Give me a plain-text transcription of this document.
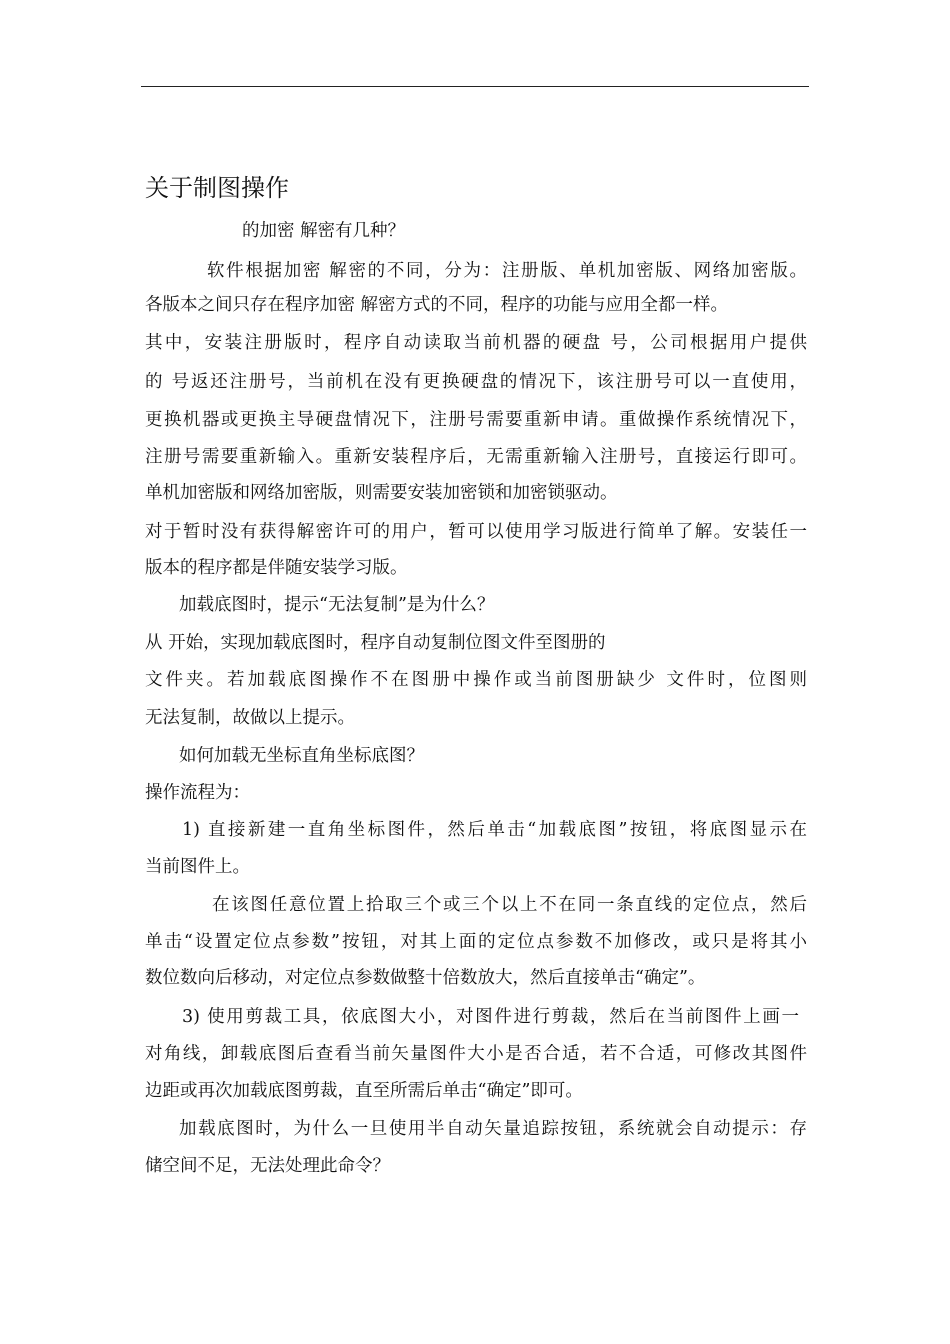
关于制图操作
的加密 解密有几种？
软件根据加密 解密的不同，分为：注册版、单机加密版、网络加密版。
各版本之间只存在程序加密 解密方式的不同，程序的功能与应用全都一样。
其中，安装注册版时，程序自动读取当前机器的硬盘 号，公司根据用户提供
的 号返还注册号，当前机在没有更换硬盘的情况下，该注册号可以一直使用，
更换机器或更换主导硬盘情况下，注册号需要重新申请。重做操作系统情况下，
注册号需要重新输入。重新安装程序后，无需重新输入注册号，直接运行即可。
单机加密版和网络加密版，则需要安装加密锁和加密锁驱动。
对于暂时没有获得解密许可的用户，暂可以使用学习版进行简单了解。安装任一
版本的程序都是伴随安装学习版。
加载底图时，提示“无法复制”是为什么？
从 开始，实现加载底图时，程序自动复制位图文件至图册的
文件夹。若加载底图操作不在图册中操作或当前图册缺少 文件时，位图则
无法复制，故做以上提示。
如何加载无坐标直角坐标底图？
操作流程为：
1) 直接新建一直角坐标图件，然后单击“加载底图”按钮，将底图显示在
当前图件上。
在该图任意位置上拾取三个或三个以上不在同一条直线的定位点，然后
单击“设置定位点参数”按钮，对其上面的定位点参数不加修改，或只是将其小
数位数向后移动，对定位点参数做整十倍数放大，然后直接单击“确定”。
3) 使用剪裁工具，依底图大小，对图件进行剪裁，然后在当前图件上画一
对角线，卸载底图后查看当前矢量图件大小是否合适，若不合适，可修改其图件
边距或再次加载底图剪裁，直至所需后单击“确定”即可。
加载底图时，为什么一旦使用半自动矢量追踪按钮，系统就会自动提示：存
储空间不足，无法处理此命令？
